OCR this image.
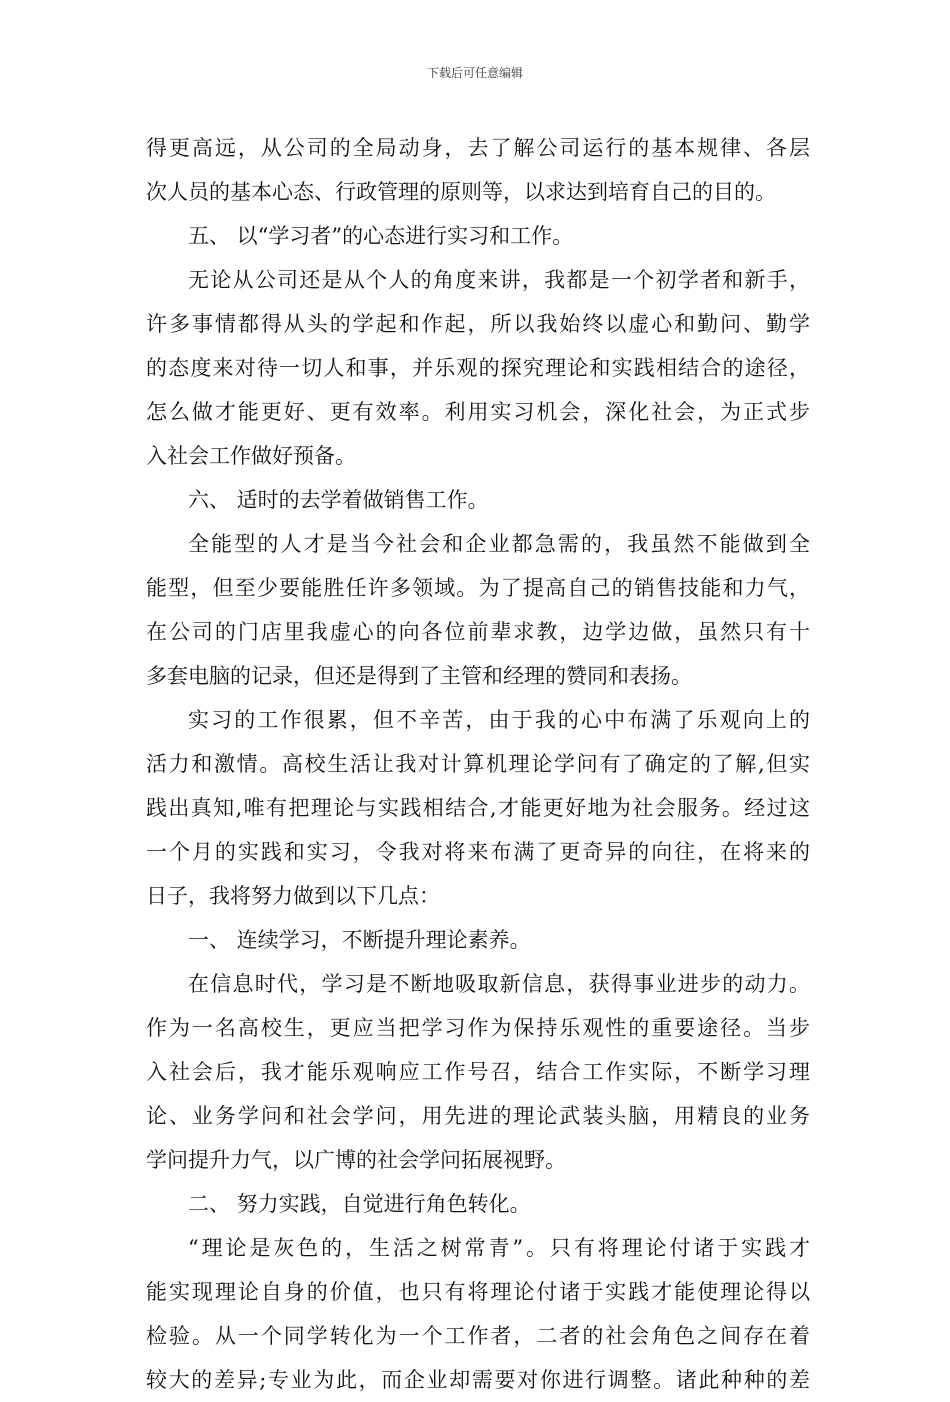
下载后可任意编辑
得更高远，从公司的全局动身，去了解公司运行的基本规律、各层
次人员的基本心态、行政管理的原则等，以求达到培育自己的目的。
五、 以“学习者”的心态进行实习和工作。
无论从公司还是从个人的角度来讲，我都是一个初学者和新手，
许多事情都得从头的学起和作起，所以我始终以虚心和勤问、勤学
的态度来对待一切人和事，并乐观的探究理论和实践相结合的途径，
怎么做才能更好、更有效率。利用实习机会，深化社会，为正式步
入社会工作做好预备。
六、 适时的去学着做销售工作。
全能型的人才是当今社会和企业都急需的，我虽然不能做到全
能型，但至少要能胜任许多领域。为了提高自己的销售技能和力气，
在公司的门店里我虚心的向各位前辈求教，边学边做，虽然只有十
多套电脑的记录，但还是得到了主管和经理的赞同和表扬。
实习的工作很累，但不辛苦，由于我的心中布满了乐观向上的
活力和激情。高校生活让我对计算机理论学问有了确定的了解,但实
践出真知,唯有把理论与实践相结合,才能更好地为社会服务。经过这
一个月的实践和实习，令我对将来布满了更奇异的向往，在将来的
日子，我将努力做到以下几点：
一、 连续学习，不断提升理论素养。
在信息时代，学习是不断地吸取新信息，获得事业进步的动力。
作为一名高校生，更应当把学习作为保持乐观性的重要途径。当步
入社会后，我才能乐观响应工作号召，结合工作实际，不断学习理
论、业务学问和社会学问，用先进的理论武装头脑，用精良的业务
学问提升力气，以广博的社会学问拓展视野。
二、 努力实践，自觉进行角色转化。
“理论是灰色的，生活之树常青”。只有将理论付诸于实践才
能实现理论自身的价值，也只有将理论付诸于实践才能使理论得以
检验。从一个同学转化为一个工作者，二者的社会角色之间存在着
较大的差异;专业为此，而企业却需要对你进行调整。诸此种种的差
